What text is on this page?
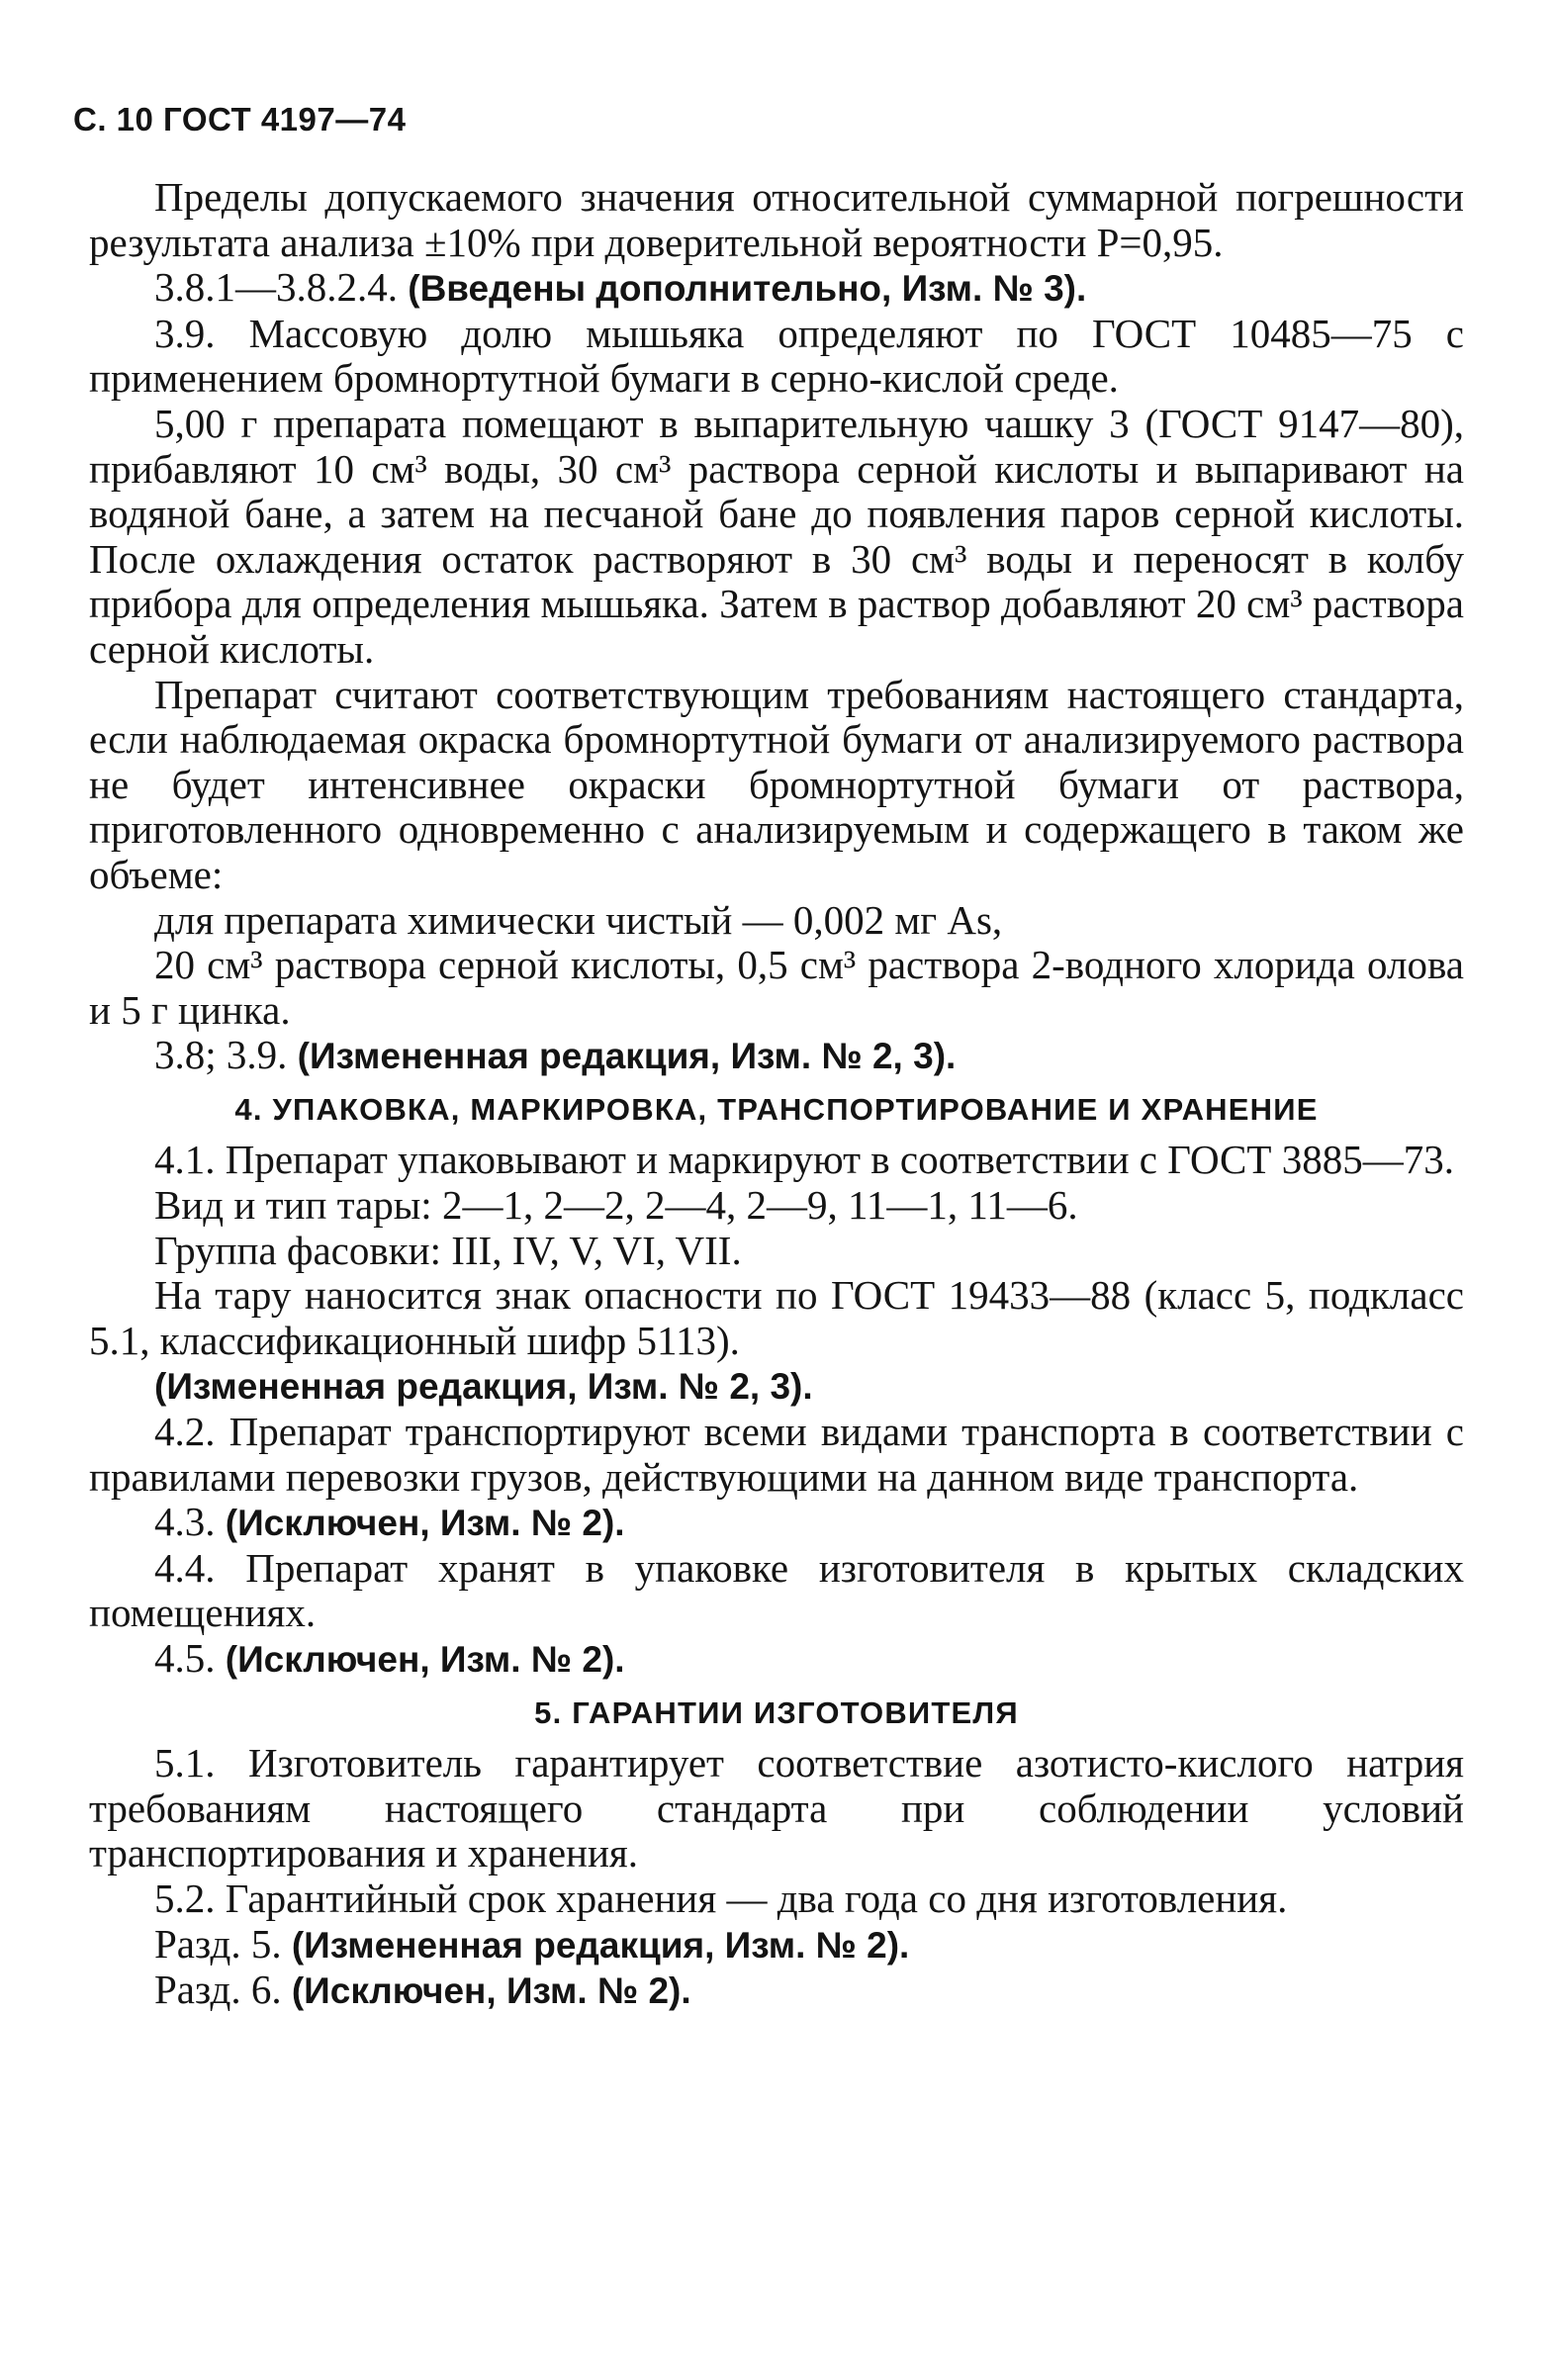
С. 10 ГОСТ 4197—74

Пределы допускаемого значения относительной суммарной погрешности результата анализа ±10% при доверительной вероятности Р=0,95.

3.8.1—3.8.2.4. (Введены дополнительно, Изм. № 3).

3.9. Массовую долю мышьяка определяют по ГОСТ 10485—75 с применением бромнортутной бумаги в серно-кислой среде.

5,00 г препарата помещают в выпарительную чашку 3 (ГОСТ 9147—80), прибавляют 10 см³ воды, 30 см³ раствора серной кислоты и выпаривают на водяной бане, а затем на песчаной бане до появления паров серной кислоты. После охлаждения остаток растворяют в 30 см³ воды и переносят в колбу прибора для определения мышьяка. Затем в раствор добавляют 20 см³ раствора серной кислоты.

Препарат считают соответствующим требованиям настоящего стандарта, если наблюдаемая окраска бромнортутной бумаги от анализируемого раствора не будет интенсивнее окраски бромнортутной бумаги от раствора, приготовленного одновременно с анализируемым и содержащего в таком же объеме:

для препарата химически чистый — 0,002 мг As,

20 см³ раствора серной кислоты, 0,5 см³ раствора 2-водного хлорида олова и 5 г цинка.

3.8; 3.9. (Измененная редакция, Изм. № 2, 3).

4. УПАКОВКА, МАРКИРОВКА, ТРАНСПОРТИРОВАНИЕ И ХРАНЕНИЕ

4.1. Препарат упаковывают и маркируют в соответствии с ГОСТ 3885—73.

Вид и тип тары: 2—1, 2—2, 2—4, 2—9, 11—1, 11—6.

Группа фасовки: III, IV, V, VI, VII.

На тару наносится знак опасности по ГОСТ 19433—88 (класс 5, подкласс 5.1, классификационный шифр 5113).

(Измененная редакция, Изм. № 2, 3).

4.2. Препарат транспортируют всеми видами транспорта в соответствии с правилами перевозки грузов, действующими на данном виде транспорта.

4.3. (Исключен, Изм. № 2).

4.4. Препарат хранят в упаковке изготовителя в крытых складских помещениях.

4.5. (Исключен, Изм. № 2).

5. ГАРАНТИИ ИЗГОТОВИТЕЛЯ

5.1. Изготовитель гарантирует соответствие азотисто-кислого натрия требованиям настоящего стандарта при соблюдении условий транспортирования и хранения.

5.2. Гарантийный срок хранения — два года со дня изготовления.

Разд. 5. (Измененная редакция, Изм. № 2).

Разд. 6. (Исключен, Изм. № 2).
